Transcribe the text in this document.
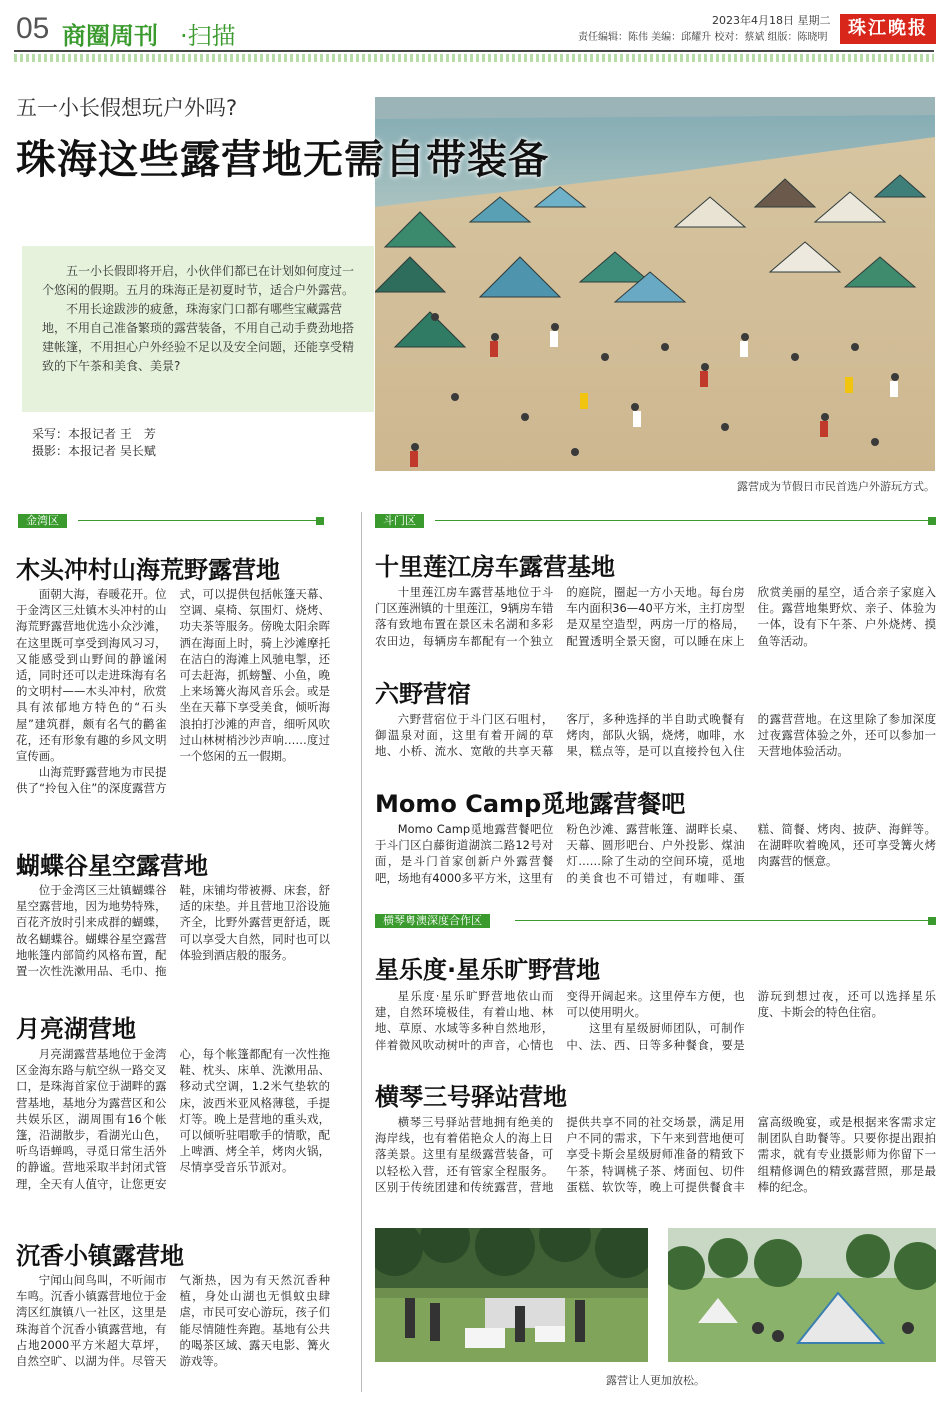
05 商圈周刊 ·扫描
2023年4月18日 星期二
责任编辑：陈伟 美编：邱耀升 校对：蔡斌 组版：陈晓明	珠江晚报
五一小长假想玩户外吗?
珠海这些露营地无需自带装备
露营成为节假日市民首选户外游玩方式。

五一小长假即将开启，小伙伴们都已在计划如何度过一个悠闲的假期。五月的珠海正是初夏时节，适合户外露营。

不用长途跋涉的疲惫，珠海家门口都有哪些宝藏露营地，不用自己准备繁琐的露营装备，不用自己动手费劲地搭建帐篷，不用担心户外经验不足以及安全问题，还能享受精致的下午茶和美食、美景?

采写：本报记者 王　芳
摄影：本报记者 吴长赋
金湾区
木头冲村山海荒野露营地

面朝大海，春暖花开。位于金湾区三灶镇木头冲村的山海荒野露营地优选小众沙滩，在这里既可享受到海风习习，又能感受到山野间的静谧闲适，同时还可以走进珠海有名的文明村——木头冲村，欣赏具有浓郁地方特色的“石头屋”建筑群，颇有名气的鹳雀花，还有形象有趣的乡风文明宣传画。

山海荒野露营地为市民提供了“拎包入住”的深度露营方式，可以提供包括帐篷天幕、空调、桌椅、氛围灯、烧烤、功夫茶等服务。傍晚太阳余晖洒在海面上时，骑上沙滩摩托在洁白的海滩上风驰电掣，还可去赶海，抓螃蟹、小鱼，晚上来场篝火海风音乐会。或是坐在天幕下享受美食，倾听海浪拍打沙滩的声音，细听风吹过山林树梢沙沙声响……度过一个悠闲的五一假期。

蝴蝶谷星空露营地

位于金湾区三灶镇蝴蝶谷星空露营地，因为地势特殊，百花齐放时引来成群的蝴蝶，故名蝴蝶谷。蝴蝶谷星空露营地帐篷内部简约风格布置，配置一次性洗漱用品、毛巾、拖鞋，床铺均带被褥、床套，舒适的床垫。并且营地卫浴设施齐全，比野外露营更舒适，既可以享受大自然，同时也可以体验到酒店般的服务。

月亮湖营地

月亮湖露营基地位于金湾区金海东路与航空纵一路交叉口，是珠海首家位于湖畔的露营基地，基地分为露营区和公共娱乐区，湖周围有16个帐篷，沿湖散步，看湖光山色，听鸟语蝉鸣，寻觅日常生活外的静谧。营地采取半封闭式管理，全天有人值守，让您更安心，每个帐篷都配有一次性拖鞋、枕头、床单、洗漱用品、移动式空调，1.2米气垫软的床，波西米亚风格薄毯，手提灯等。晚上是营地的重头戏，可以倾听驻唱歌手的情歌，配上啤酒、烤全羊，烤肉火锅，尽情享受音乐节派对。

沉香小镇露营地

宁闻山间鸟叫，不听闹市车鸣。沉香小镇露营地位于金湾区红旗镇八一社区，这里是珠海首个沉香小镇露营地，有占地2000平方米超大草坪，自然空旷、以湖为伴。尽管天气渐热，因为有天然沉香种植，身处山湖也无惧蚊虫肆虐，市民可安心游玩，孩子们能尽情随性奔跑。基地有公共的喝茶区域、露天电影、篝火游戏等。

斗门区
十里莲江房车露营基地

十里莲江房车露营基地位于斗门区莲洲镇的十里莲江，9辆房车错落有致地布置在景区未名湖和多彩农田边，每辆房车都配有一个独立的庭院，圈起一方小天地。每台房车内面积36—40平方米，主打房型是双星空造型，两房一厅的格局，配置透明全景天窗，可以睡在床上欣赏美丽的星空，适合亲子家庭入住。露营地集野炊、亲子、体验为一体，设有下午茶、户外烧烤、摸鱼等活动。

六野营宿

六野营宿位于斗门区石咀村，御温泉对面，这里有着开阔的草地、小桥、流水、宽敞的共享天幕客厅，多种选择的半自助式晚餐有烤肉，部队火锅，烧烤，咖啡，水果，糕点等，是可以直接拎包入住的露营营地。在这里除了参加深度过夜露营体验之外，还可以参加一天营地体验活动。

Momo Camp觅地露营餐吧

Momo Camp觅地露营餐吧位于斗门区白藤街道湖滨二路12号对面，是斗门首家创新户外露营餐吧，场地有4000多平方米，这里有粉色沙滩、露营帐篷、湖畔长桌、天幕、圆形吧台、户外投影、煤油灯……除了生动的空间环境，觅地的美食也不可错过，有咖啡、蛋糕、简餐、烤肉、披萨、海鲜等。在湖畔吹着晚风，还可享受篝火烤肉露营的惬意。

横琴粤澳深度合作区
星乐度·星乐旷野营地

星乐度·星乐旷野营地依山而建，自然环境极佳，有着山地、林地、草原、水域等多种自然地形，伴着微风吹动树叶的声音，心情也变得开阔起来。这里停车方便，也可以使用明火。

这里有星级厨师团队，可制作中、法、西、日等多种餐食，要是游玩到想过夜，还可以选择星乐度、卡斯会的特色住宿。

横琴三号驿站营地

横琴三号驿站营地拥有绝美的海岸线，也有着偌艳众人的海上日落美景。这里有星级露营装备，可以轻松入营，还有管家全程服务。区别于传统团建和传统露营，营地提供共享不同的社交场景，满足用户不同的需求，下午来到营地便可享受卡斯会星级厨师准备的精致下午茶，特调桃子茶、烤面包、切件蛋糕、软饮等，晚上可提供餐食丰富高级晚宴，或是根据来客需求定制团队自助餐等。只要你提出跟拍需求，就有专业摄影师为你留下一组精修调色的精致露营照，那是最棒的纪念。

露营让人更加放松。
